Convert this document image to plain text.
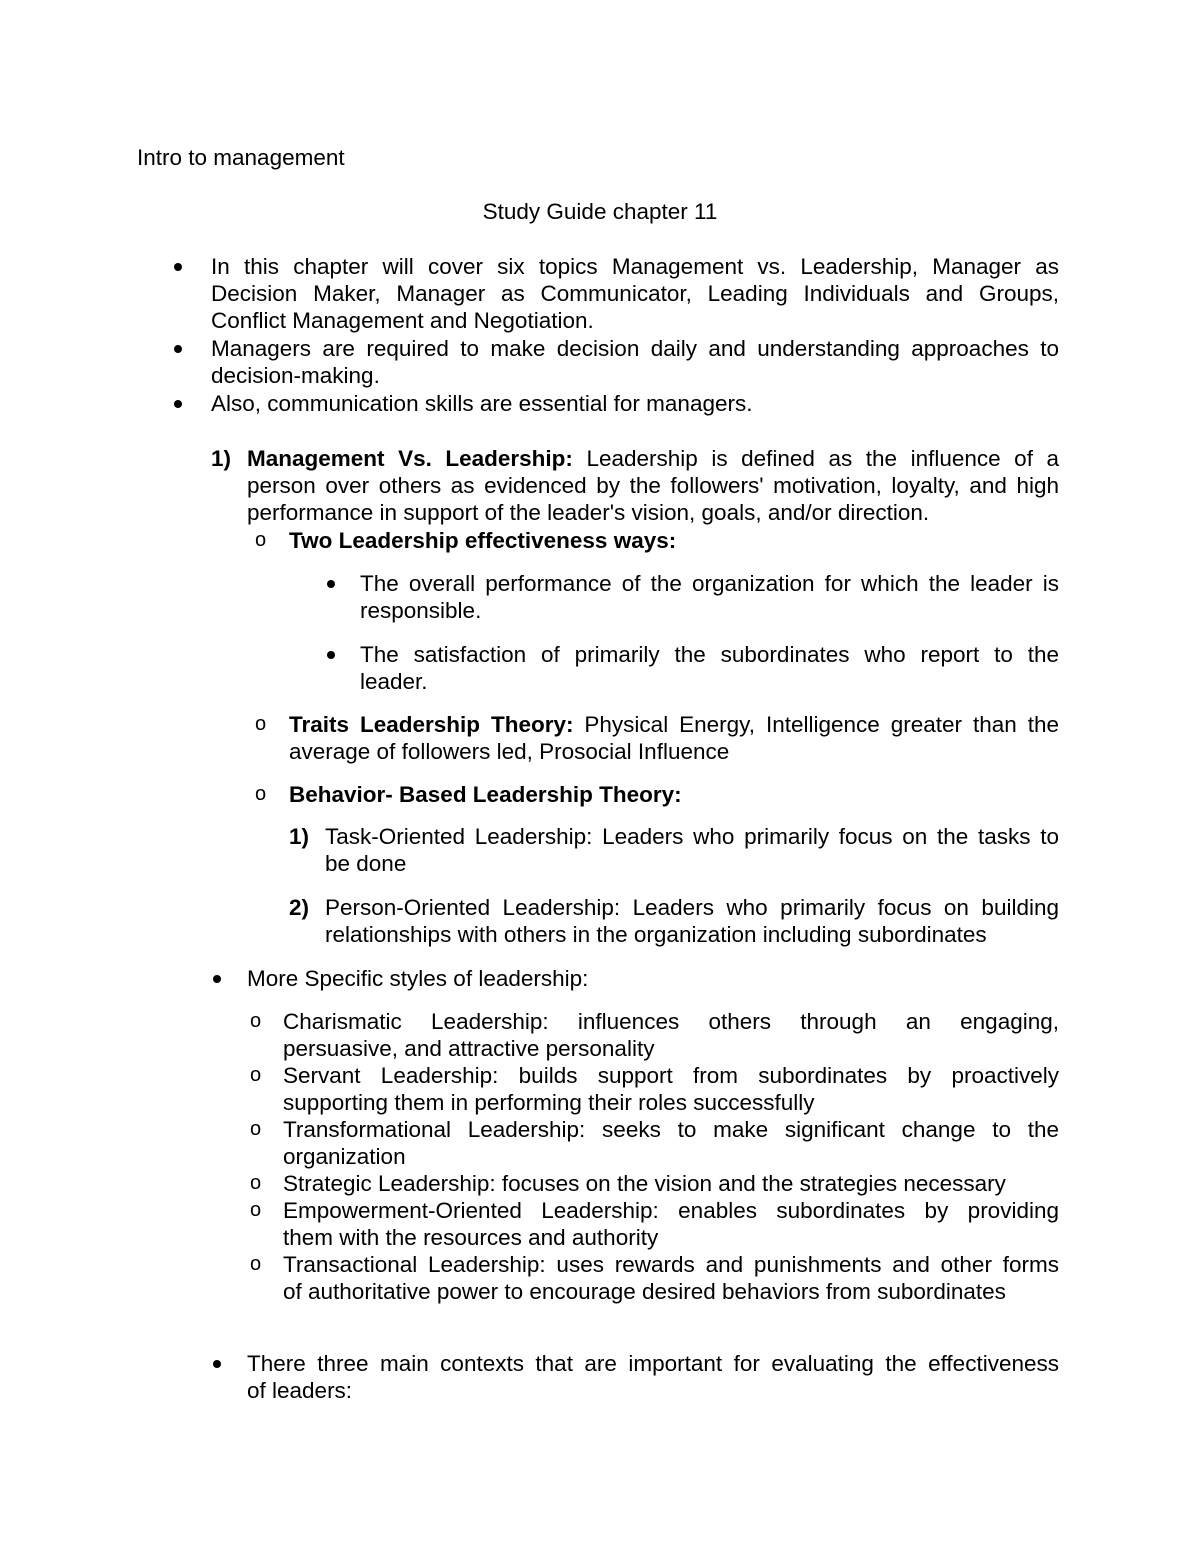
Intro to management
Study Guide chapter 11
In this chapter will cover six topics Management vs. Leadership, Manager as
Decision Maker, Manager as Communicator, Leading Individuals and Groups,
Conflict Management and Negotiation.
Managers are required to make decision daily and understanding approaches to
decision-making.
Also, communication skills are essential for managers.
1) Management Vs. Leadership: Leadership is defined as the influence of a
person over others as evidenced by the followers' motivation, loyalty, and high
performance in support of the leader's vision, goals, and/or direction.
o Two Leadership effectiveness ways:
The overall performance of the organization for which the leader is
responsible.
The satisfaction of primarily the subordinates who report to the
leader.
o Traits Leadership Theory: Physical Energy, Intelligence greater than the
average of followers led, Prosocial Influence
o Behavior- Based Leadership Theory:
1) Task-Oriented Leadership: Leaders who primarily focus on the tasks to
be done
2) Person-Oriented Leadership: Leaders who primarily focus on building
relationships with others in the organization including subordinates
More Specific styles of leadership:
o Charismatic Leadership: influences others through an engaging,
persuasive, and attractive personality
o Servant Leadership: builds support from subordinates by proactively
supporting them in performing their roles successfully
o Transformational Leadership: seeks to make significant change to the
organization
o Strategic Leadership: focuses on the vision and the strategies necessary
o Empowerment-Oriented Leadership: enables subordinates by providing
them with the resources and authority
o Transactional Leadership: uses rewards and punishments and other forms
of authoritative power to encourage desired behaviors from subordinates
There three main contexts that are important for evaluating the effectiveness
of leaders:
